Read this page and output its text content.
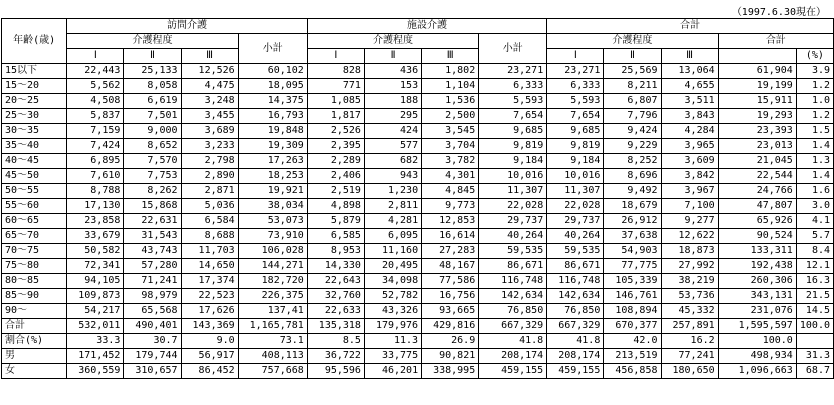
（1997.6.30現在）
年齢(歳)	訪問介護				施設介護				合計				
	介護程度			小計	介護程度			小計	介護程度			合計	
	Ⅰ	Ⅱ	Ⅲ		Ⅰ	Ⅱ	Ⅲ		Ⅰ	Ⅱ	Ⅲ		(%)
15以下	22,443	25,133	12,526	60,102	828	436	1,802	23,271	23,271	25,569	13,064	61,904	3.9
15～20	5,562	8,058	4,475	18,095	771	153	1,104	6,333	6,333	8,211	4,655	19,199	1.2
20～25	4,508	6,619	3,248	14,375	1,085	188	1,536	5,593	5,593	6,807	3,511	15,911	1.0
25～30	5,837	7,501	3,455	16,793	1,817	295	2,500	7,654	7,654	7,796	3,843	19,293	1.2
30～35	7,159	9,000	3,689	19,848	2,526	424	3,545	9,685	9,685	9,424	4,284	23,393	1.5
35～40	7,424	8,652	3,233	19,309	2,395	577	3,704	9,819	9,819	9,229	3,965	23,013	1.4
40～45	6,895	7,570	2,798	17,263	2,289	682	3,782	9,184	9,184	8,252	3,609	21,045	1.3
45～50	7,610	7,753	2,890	18,253	2,406	943	4,301	10,016	10,016	8,696	3,842	22,544	1.4
50～55	8,788	8,262	2,871	19,921	2,519	1,230	4,845	11,307	11,307	9,492	3,967	24,766	1.6
55～60	17,130	15,868	5,036	38,034	4,898	2,811	9,773	22,028	22,028	18,679	7,100	47,807	3.0
60～65	23,858	22,631	6,584	53,073	5,879	4,281	12,853	29,737	29,737	26,912	9,277	65,926	4.1
65～70	33,679	31,543	8,688	73,910	6,585	6,095	16,614	40,264	40,264	37,638	12,622	90,524	5.7
70～75	50,582	43,743	11,703	106,028	8,953	11,160	27,283	59,535	59,535	54,903	18,873	133,311	8.4
75～80	72,341	57,280	14,650	144,271	14,330	20,495	48,167	86,671	86,671	77,775	27,992	192,438	12.1
80～85	94,105	71,241	17,374	182,720	22,643	34,098	77,586	116,748	116,748	105,339	38,219	260,306	16.3
85～90	109,873	98,979	22,523	226,375	32,760	52,782	16,756	142,634	142,634	146,761	53,736	343,131	21.5
90～	54,217	65,568	17,626	137,41	22,633	43,326	93,665	76,850	76,850	108,894	45,332	231,076	14.5
合計	532,011	490,401	143,369	1,165,781	135,318	179,976	429,816	667,329	667,329	670,377	257,891	1,595,597	100.0
割合(%)	33.3	30.7	9.0	73.1	8.5	11.3	26.9	41.8	41.8	42.0	16.2	100.0	
男	171,452	179,744	56,917	408,113	36,722	33,775	90,821	208,174	208,174	213,519	77,241	498,934	31.3
女	360,559	310,657	86,452	757,668	95,596	46,201	338,995	459,155	459,155	456,858	180,650	1,096,663	68.7
